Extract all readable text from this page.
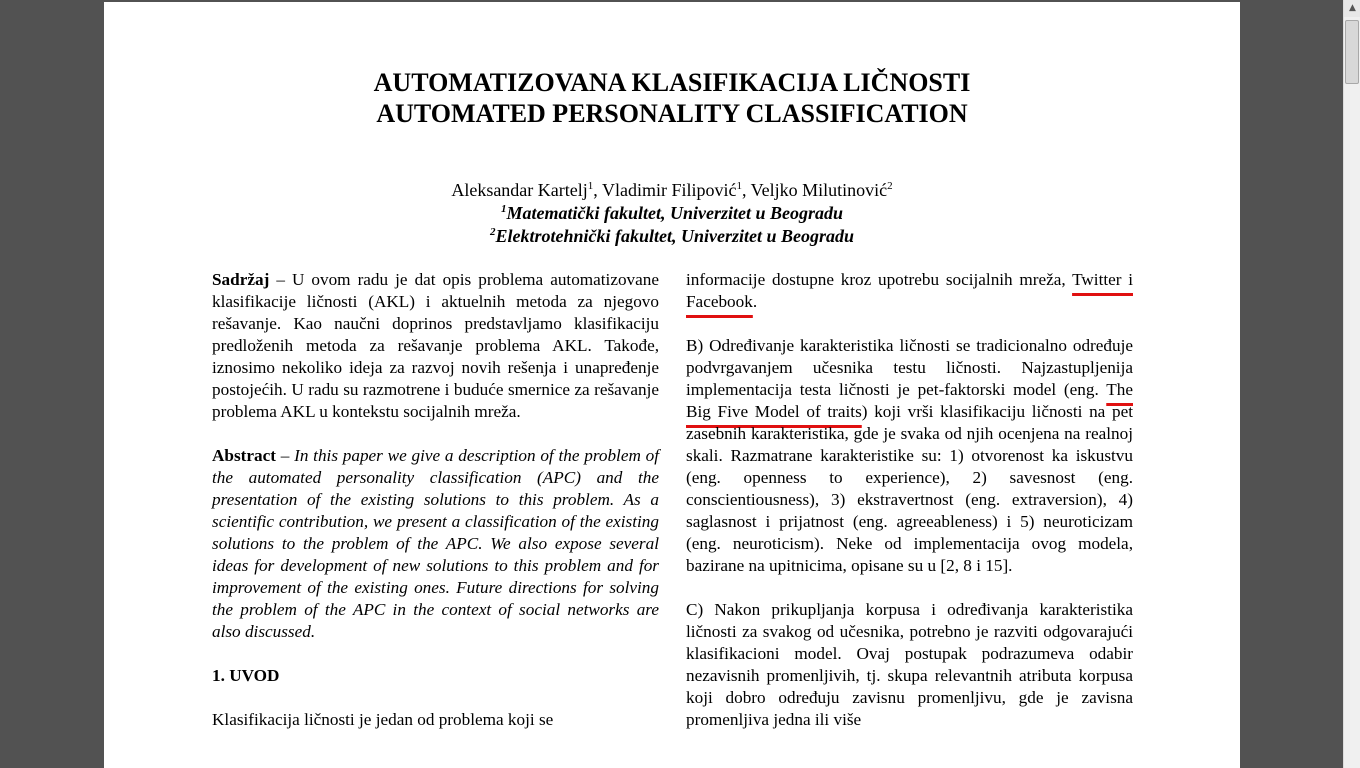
AUTOMATIZOVANA KLASIFIKACIJA LIČNOSTI
AUTOMATED PERSONALITY CLASSIFICATION
Aleksandar Kartelj$^1$, Vladimir Filipović$^1$, Veljko Milutinović$^2$
$^1$Matematički fakultet, Univerzitet u Beogradu
$^2$Elektrotehnički fakultet, Univerzitet u Beogradu

Sadržaj – U ovom radu je dat opis problema automatizovane klasifikacije ličnosti (AKL) i aktuelnih metoda za njegovo rešavanje. Kao naučni doprinos predstavljamo klasifikaciju predloženih metoda za rešavanje problema AKL. Takođe, iznosimo nekoliko ideja za razvoj novih rešenja i unapređenje postojećih. U radu su razmotrene i buduće smernice za rešavanje problema AKL u kontekstu socijalnih mreža.

Abstract – In this paper we give a description of the problem of the automated personality classification (APC) and the presentation of the existing solutions to this problem. As a scientific contribution, we present a classification of the existing solutions to the problem of the APC. We also expose several ideas for development of new solutions to this problem and for improvement of the existing ones. Future directions for solving the problem of the APC in the context of social networks are also discussed.

1. UVOD

Klasifikacija ličnosti je jedan od problema koji se

informacije dostupne kroz upotrebu socijalnih mreža, Twitter i Facebook.

B) Određivanje karakteristika ličnosti se tradicionalno određuje podvrgavanjem učesnika testu ličnosti. Najzastupljenija implementacija testa ličnosti je pet-faktorski model (eng. The Big Five Model of traits) koji vrši klasifikaciju ličnosti na pet zasebnih karakteristika, gde je svaka od njih ocenjena na realnoj skali. Razmatrane karakteristike su: 1) otvorenost ka iskustvu (eng. openness to experience), 2) savesnost (eng. conscientiousness), 3) ekstravertnost (eng. extraversion), 4) saglasnost i prijatnost (eng. agreeableness) i 5) neuroticizam (eng. neuroticism). Neke od implementacija ovog modela, bazirane na upitnicima, opisane su u [2, 8 i 15].

C) Nakon prikupljanja korpusa i određivanja karakteristika ličnosti za svakog od učesnika, potrebno je razviti odgovarajući klasifikacioni model. Ovaj postupak podrazumeva odabir nezavisnih promenljivih, tj. skupa relevantnih atributa korpusa koji dobro određuju zavisnu promenljivu, gde je zavisna promenljiva jedna ili više

▲
